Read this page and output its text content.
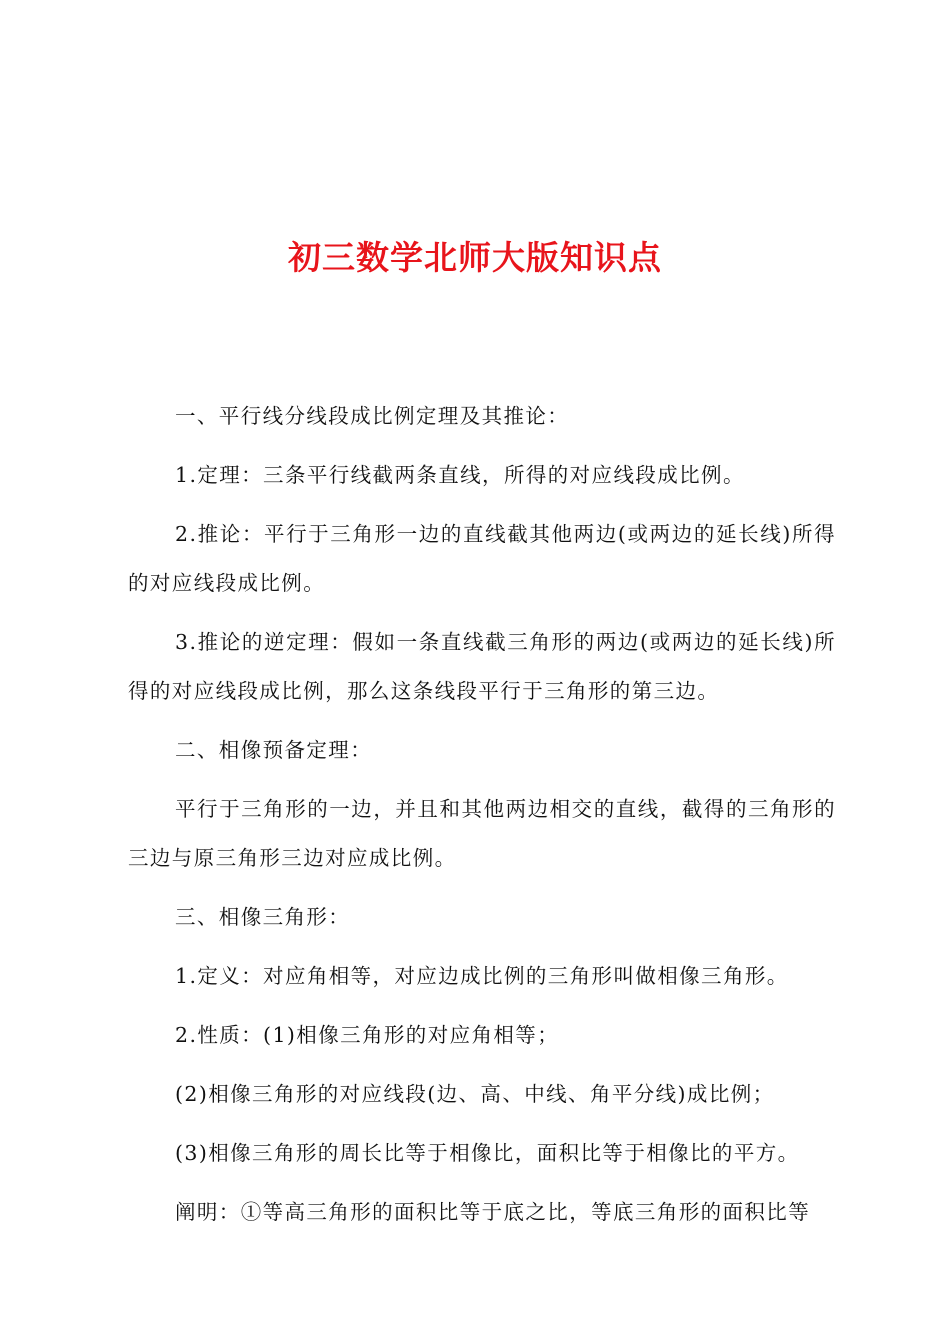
初三数学北师大版知识点

一、平行线分线段成比例定理及其推论：

1.定理：三条平行线截两条直线，所得的对应线段成比例。

2.推论：平行于三角形一边的直线截其他两边(或两边的延长线)所得的对应线段成比例。

3.推论的逆定理：假如一条直线截三角形的两边(或两边的延长线)所得的对应线段成比例，那么这条线段平行于三角形的第三边。

二、相像预备定理：

平行于三角形的一边，并且和其他两边相交的直线，截得的三角形的三边与原三角形三边对应成比例。

三、相像三角形：

1.定义：对应角相等，对应边成比例的三角形叫做相像三角形。

2.性质：(1)相像三角形的对应角相等；

(2)相像三角形的对应线段(边、高、中线、角平分线)成比例；

(3)相像三角形的周长比等于相像比，面积比等于相像比的平方。

阐明：①等高三角形的面积比等于底之比，等底三角形的面积比等
